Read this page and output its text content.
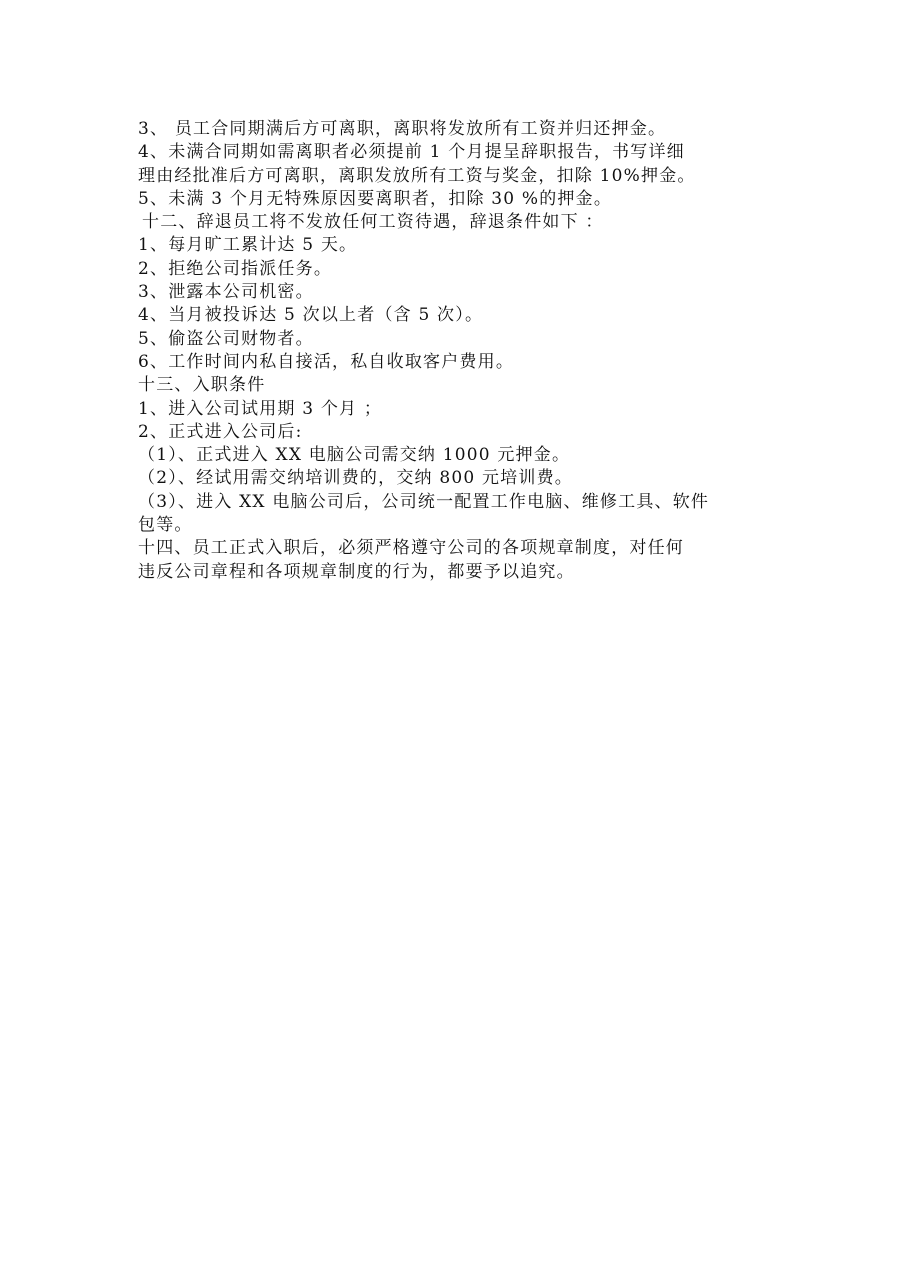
3、 员工合同期满后方可离职，离职将发放所有工资并归还押金。

4、未满合同期如需离职者必须提前 1 个月提呈辞职报告，书写详细

理由经批准后方可离职，离职发放所有工资与奖金，扣除 10%押金。

5、未满 3 个月无特殊原因要离职者，扣除 30 %的押金。

十二、辞退员工将不发放任何工资待遇，辞退条件如下 ：

1、每月旷工累计达 5 天。

2、拒绝公司指派任务。

3、泄露本公司机密。

4、当月被投诉达 5 次以上者（含 5 次）。

5、偷盗公司财物者。

6、工作时间内私自接活，私自收取客户费用。

十三、入职条件

1、进入公司试用期 3 个月 ；

2、正式进入公司后:

（1）、正式进入 XX 电脑公司需交纳 1000 元押金。

（2）、经试用需交纳培训费的，交纳 800 元培训费。

（3）、进入 XX 电脑公司后，公司统一配置工作电脑、维修工具、软件

包等。

十四、员工正式入职后，必须严格遵守公司的各项规章制度，对任何

违反公司章程和各项规章制度的行为，都要予以追究。
